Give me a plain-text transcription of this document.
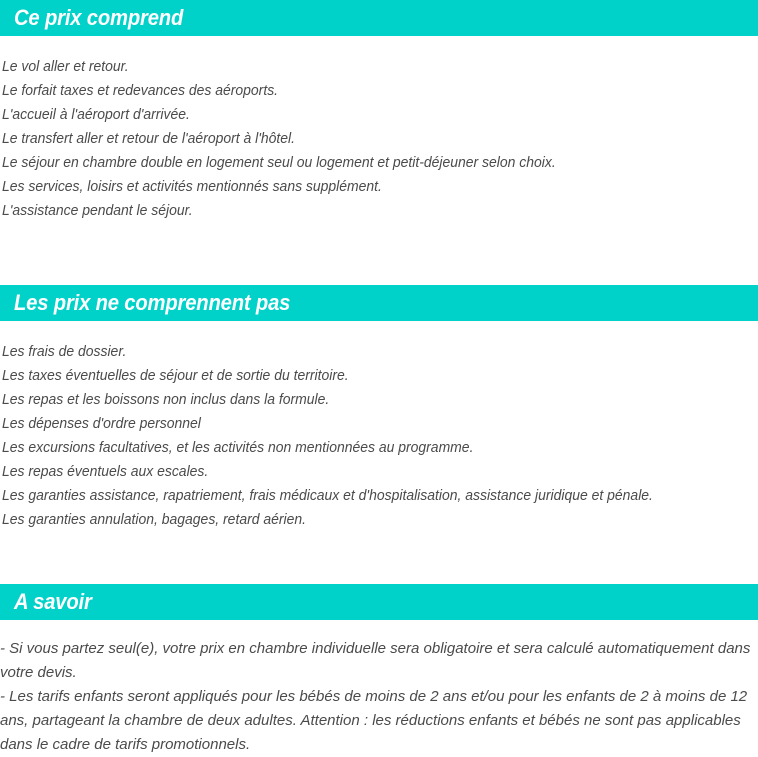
Ce prix comprend
Le vol aller et retour.
Le forfait taxes et redevances des aéroports.
L'accueil à l'aéroport d'arrivée.
Le transfert aller et retour de l'aéroport à l'hôtel.
Le séjour en chambre double en logement seul ou logement et petit-déjeuner selon choix.
Les services, loisirs et activités mentionnés sans supplément.
L'assistance pendant le séjour.
Les prix ne comprennent pas
Les frais de dossier.
Les taxes éventuelles de séjour et de sortie du territoire.
Les repas et les boissons non inclus dans la formule.
Les dépenses d'ordre personnel
Les excursions facultatives, et les activités non mentionnées au programme.
Les repas éventuels aux escales.
Les garanties assistance, rapatriement, frais médicaux et d'hospitalisation, assistance juridique et pénale.
Les garanties annulation, bagages, retard aérien.
A savoir

- Si vous partez seul(e), votre prix en chambre individuelle sera obligatoire et sera calculé automatiquement dans votre devis.

- Les tarifs enfants seront appliqués pour les bébés de moins de 2 ans et/ou pour les enfants de 2 à moins de 12 ans, partageant la chambre de deux adultes. Attention : les réductions enfants et bébés ne sont pas applicables dans le cadre de tarifs promotionnels.
